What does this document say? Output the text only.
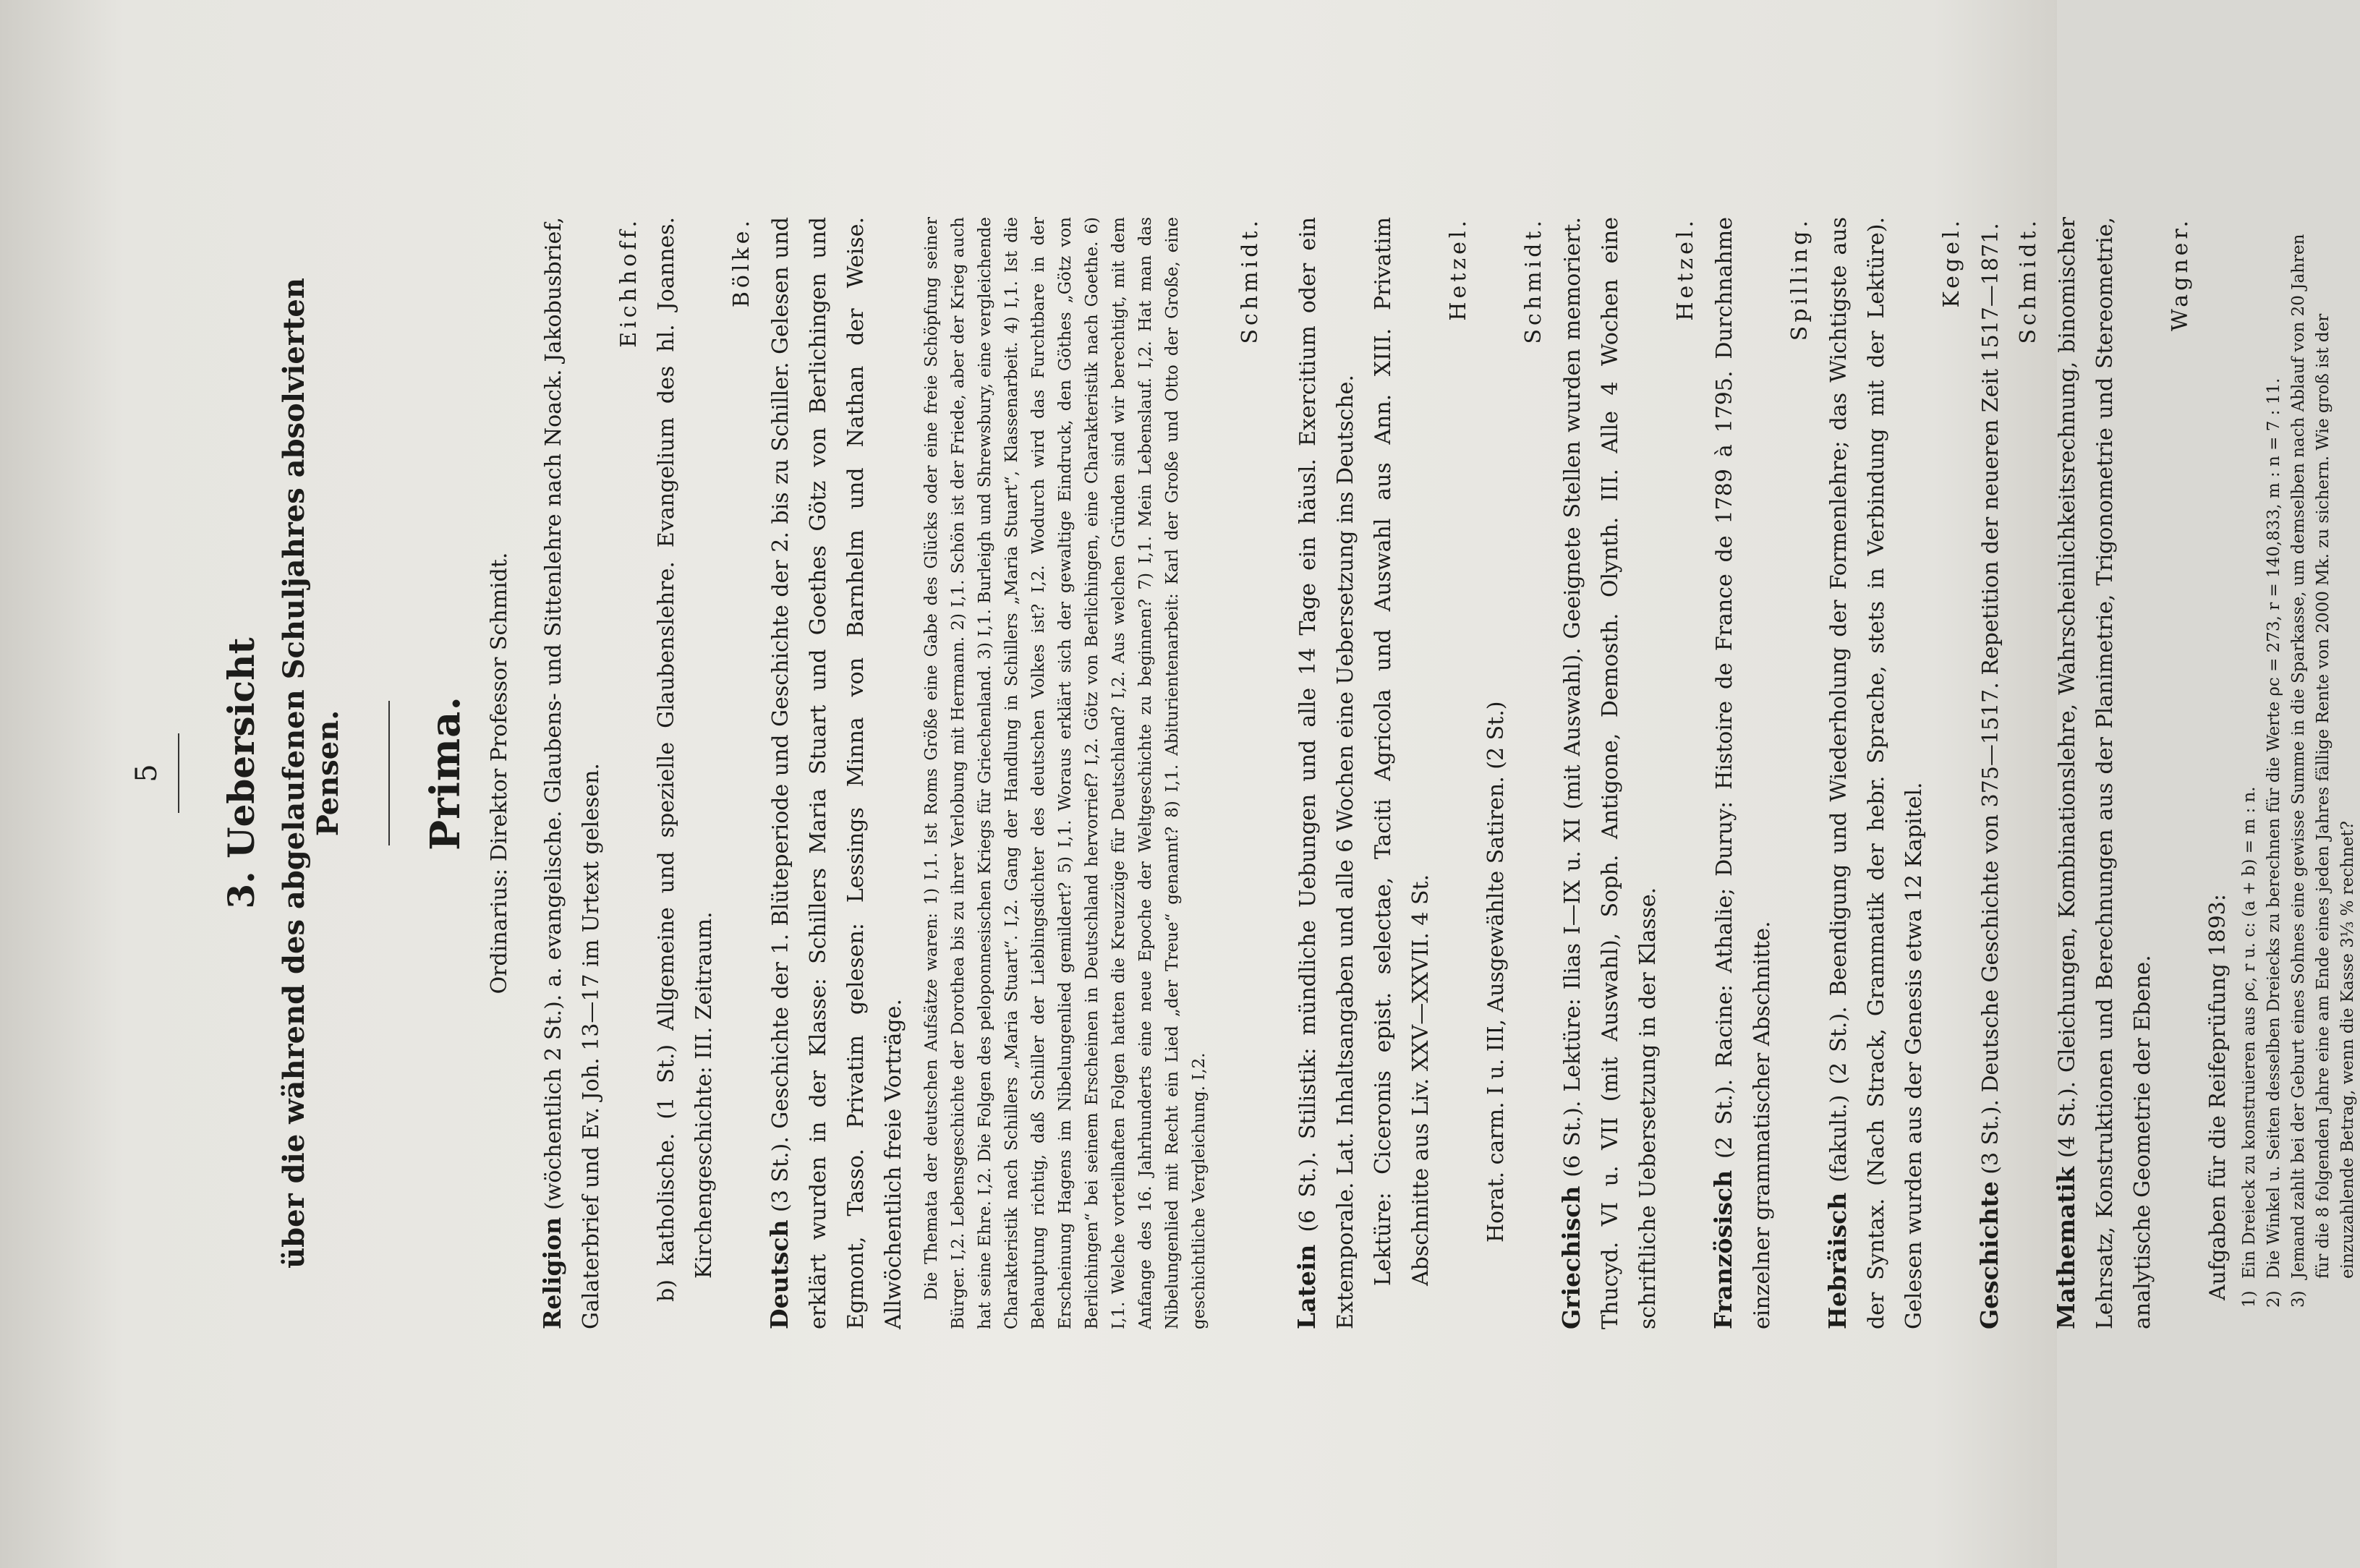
5 3. Uebersicht über die während des abgelaufenen Schuljahres absolvierten Pensen. Prima. Ordinarius: Direktor Professor Schmidt.

Religion (wöchentlich 2 St.). a. evangelische. Glaubens- und Sittenlehre nach Noack. Jakobusbrief, Galaterbrief und Ev. Joh. 13—17 im Urtext gelesen.
Eichhoff. b) katholische. (1 St.) Allgemeine und spezielle Glaubenslehre. Evangelium des hl. Joannes. Kirchengeschichte: III. Zeitraum.
Bölke.

Deutsch (3 St.). Geschichte der 1. Blüteperiode und Geschichte der 2. bis zu Schiller. Gelesen und erklärt wurden in der Klasse: Schillers Maria Stuart und Goethes Götz von Berlichingen und Egmont, Tasso. Privatim gelesen: Lessings Minna von Barnhelm und Nathan der Weise. Allwöchentlich freie Vorträge. Die Themata der deutschen Aufsätze waren: 1) I,1. Ist Roms Größe eine Gabe des Glücks oder eine freie Schöpfung seiner Bürger. I,2. Lebensgeschichte der Dorothea bis zu ihrer Verlobung mit Hermann. 2) I,1. Schön ist der Friede, aber der Krieg auch hat seine Ehre. I,2. Die Folgen des peloponnesischen Kriegs für Griechenland. 3) I,1. Burleigh und Shrewsbury, eine vergleichende Charakteristik nach Schillers „Maria Stuart“. I,2. Gang der Handlung in Schillers „Maria Stuart“, Klassenarbeit. 4) I,1. Ist die Behauptung richtig, daß Schiller der Lieblingsdichter des deutschen Volkes ist? I,2. Wodurch wird das Furchtbare in der Erscheinung Hagens im Nibelungenlied gemildert? 5) I,1. Woraus erklärt sich der gewaltige Eindruck, den Göthes „Götz von Berlichingen“ bei seinem Erscheinen in Deutschland hervorrief? I,2. Götz von Berlichingen, eine Charakteristik nach Goethe. 6) I,1. Welche vorteilhaften Folgen hatten die Kreuzzüge für Deutschland? I,2. Aus welchen Gründen sind wir berechtigt, mit dem Anfange des 16. Jahrhunderts eine neue Epoche der Weltgeschichte zu beginnen? 7) I,1. Mein Lebenslauf. I,2. Hat man das Nibelungenlied mit Recht ein Lied „der Treue“ genannt? 8) I,1. Abiturientenarbeit: Karl der Große und Otto der Große, eine geschichtliche Vergleichung. I,2.

Schmidt.

Latein (6 St.). Stilistik: mündliche Uebungen und alle 14 Tage ein häusl. Exercitium oder ein Extemporale. Lat. Inhaltsangaben und alle 6 Wochen eine Uebersetzung ins Deutsche. Lektüre: Ciceronis epist. selectae, Taciti Agricola und Auswahl aus Ann. XIII. Privatim Abschnitte aus Liv. XXV—XXVII. 4 St.
Hetzel.

Horat. carm. I u. III, Ausgewählte Satiren. (2 St.)
Schmidt.

Griechisch (6 St.). Lektüre: Ilias I—IX u. XI (mit Auswahl). Geeignete Stellen wurden memoriert. Thucyd. VI u. VII (mit Auswahl), Soph. Antigone, Demosth. Olynth. III. Alle 4 Wochen eine schriftliche Uebersetzung in der Klasse.
Hetzel.

Französisch (2 St.). Racine: Athalie; Duruy: Histoire de France de 1789 à 1795. Durchnahme einzelner grammatischer Abschnitte.
Spilling.

Hebräisch (fakult.) (2 St.). Beendigung und Wiederholung der Formenlehre; das Wichtigste aus der Syntax. (Nach Strack, Grammatik der hebr. Sprache, stets in Verbindung mit der Lektüre). Gelesen wurden aus der Genesis etwa 12 Kapitel.
Kegel.

Geschichte (3 St.). Deutsche Geschichte von 375—1517. Repetition der neueren Zeit 1517—1871. Schmidt.

Mathematik (4 St.). Gleichungen, Kombinationslehre, Wahrscheinlichkeitsrechnung, binomischer Lehrsatz, Konstruktionen und Berechnungen aus der Planimetrie, Trigonometrie und Stereometrie, analytische Geometrie der Ebene.
Wagner.

Aufgaben für die Reifeprüfung 1893: 1)Ein Dreieck zu konstruieren aus ρc, r u. c: (a + b) = m : n.

2)Die Winkel u. Seiten desselben Dreiecks zu berechnen für die Werte ρc = 273, r = 140,833, m : n = 7 : 11.

3)Jemand zahlt bei der Geburt eines Sohnes eine gewisse Summe in die Sparkasse, um demselben nach Ablauf von 20 Jahren für die 8 folgenden Jahre eine am Ende eines jeden Jahres fällige Rente von 2000 Mk. zu sichern. Wie groß ist der einzuzahlende Betrag, wenn die Kasse 3⅓ % rechnet?
